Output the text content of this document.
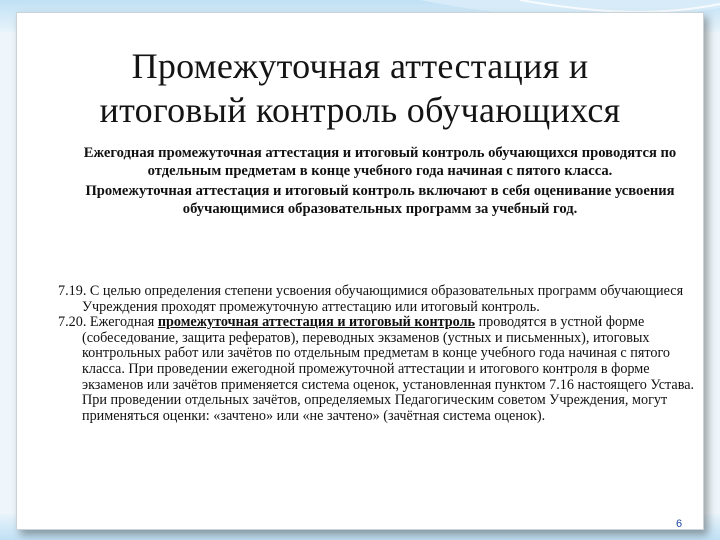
Промежуточная аттестация и
итоговый контроль обучающихся

Ежегодная промежуточная аттестация и итоговый контроль обучающихся проводятся по отдельным предметам в конце учебного года начиная с пятого класса.

Промежуточная аттестация и итоговый контроль включают в себя оценивание усвоения обучающимися образовательных программ за учебный год.

7.19. С целью определения степени усвоения обучающимися образовательных программ обучающиеся Учреждения проходят промежуточную аттестацию или итоговый контроль.

7.20. Ежегодная промежуточная аттестация и итоговый контроль проводятся в устной форме (собеседование, защита рефератов), переводных экзаменов (устных и письменных), итоговых контрольных работ или зачётов по отдельным предметам в конце учебного года начиная с пятого класса. При проведении ежегодной промежуточной аттестации и итогового контроля в форме экзаменов или зачётов применяется система оценок, установленная пунктом 7.16 настоящего Устава. При проведении отдельных зачётов, определяемых Педагогическим советом Учреждения, могут применяться оценки: «зачтено» или «не зачтено» (зачётная система оценок).

6
